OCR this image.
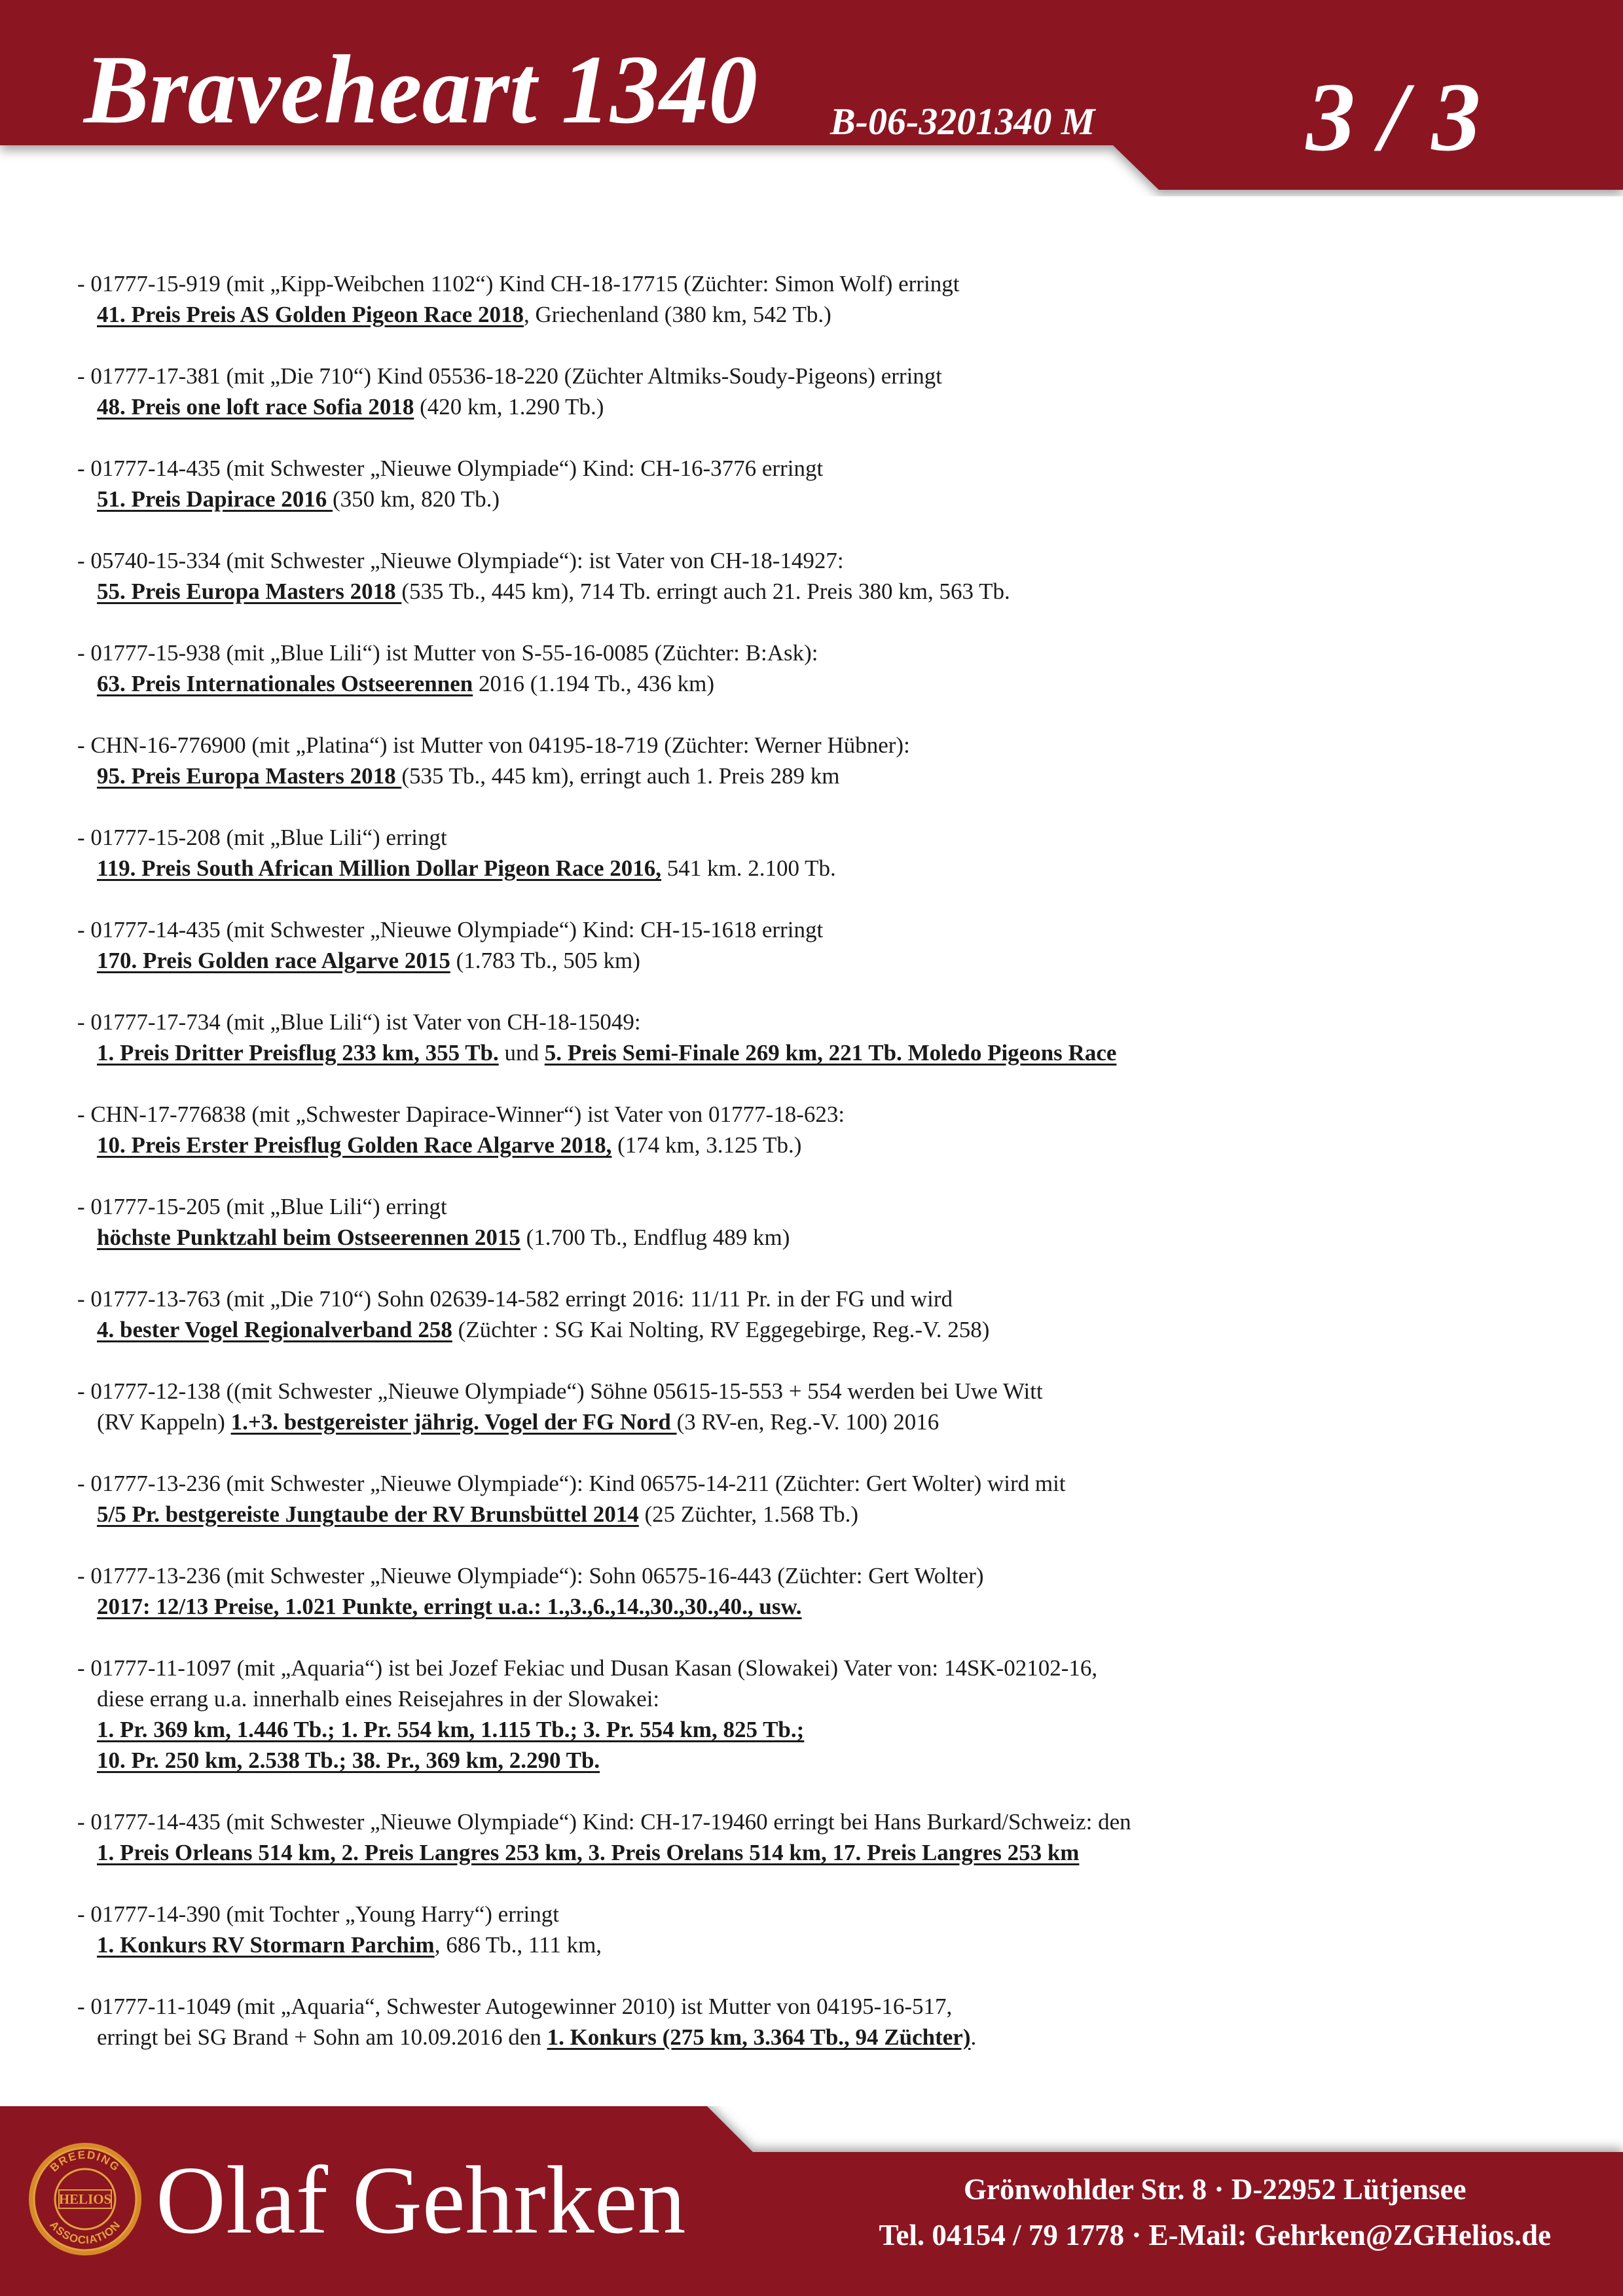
Braveheart 1340 B-06-3201340 M 3 / 3
- 01777-15-919 (mit „Kipp-Weibchen 1102“) Kind CH-18-17715 (Züchter: Simon Wolf) erringt
41. Preis Preis AS Golden Pigeon Race 2018, Griechenland (380 km, 542 Tb.)
- 01777-17-381 (mit „Die 710“) Kind 05536-18-220 (Züchter Altmiks-Soudy-Pigeons) erringt
48. Preis one loft race Sofia 2018 (420 km, 1.290 Tb.)
- 01777-14-435 (mit Schwester „Nieuwe Olympiade“) Kind: CH-16-3776 erringt
51. Preis Dapirace 2016 (350 km, 820 Tb.)
- 05740-15-334 (mit Schwester „Nieuwe Olympiade“): ist Vater von CH-18-14927:
55. Preis Europa Masters 2018 (535 Tb., 445 km), 714 Tb. erringt auch 21. Preis 380 km, 563 Tb.
- 01777-15-938 (mit „Blue Lili“) ist Mutter von S-55-16-0085 (Züchter: B:Ask):
63. Preis Internationales Ostseerennen 2016 (1.194 Tb., 436 km)
- CHN-16-776900 (mit „Platina“) ist Mutter von 04195-18-719 (Züchter: Werner Hübner):
95. Preis Europa Masters 2018 (535 Tb., 445 km), erringt auch 1. Preis 289 km
- 01777-15-208 (mit „Blue Lili“) erringt
119. Preis South African Million Dollar Pigeon Race 2016, 541 km. 2.100 Tb.
- 01777-14-435 (mit Schwester „Nieuwe Olympiade“) Kind: CH-15-1618 erringt
170. Preis Golden race Algarve 2015 (1.783 Tb., 505 km)
- 01777-17-734 (mit „Blue Lili“) ist Vater von CH-18-15049:
1. Preis Dritter Preisflug 233 km, 355 Tb. und 5. Preis Semi-Finale 269 km, 221 Tb. Moledo Pigeons Race
- CHN-17-776838 (mit „Schwester Dapirace-Winner“) ist Vater von 01777-18-623:
10. Preis Erster Preisflug Golden Race Algarve 2018, (174 km, 3.125 Tb.)
- 01777-15-205 (mit „Blue Lili“) erringt
höchste Punktzahl beim Ostseerennen 2015 (1.700 Tb., Endflug 489 km)
- 01777-13-763 (mit „Die 710“) Sohn 02639-14-582 erringt 2016: 11/11 Pr. in der FG und wird
4. bester Vogel Regionalverband 258 (Züchter : SG Kai Nolting, RV Eggegebirge, Reg.-V. 258)
- 01777-12-138 ((mit Schwester „Nieuwe Olympiade“) Söhne 05615-15-553 + 554 werden bei Uwe Witt
(RV Kappeln) 1.+3. bestgereister jährig. Vogel der FG Nord (3 RV-en, Reg.-V. 100) 2016
- 01777-13-236 (mit Schwester „Nieuwe Olympiade“): Kind 06575-14-211 (Züchter: Gert Wolter) wird mit
5/5 Pr. bestgereiste Jungtaube der RV Brunsbüttel 2014 (25 Züchter, 1.568 Tb.)
- 01777-13-236 (mit Schwester „Nieuwe Olympiade“): Sohn 06575-16-443 (Züchter: Gert Wolter)
2017: 12/13 Preise, 1.021 Punkte, erringt u.a.: 1.,3.,6.,14.,30.,30.,40., usw.
- 01777-11-1097 (mit „Aquaria“) ist bei Jozef Fekiac und Dusan Kasan (Slowakei) Vater von: 14SK-02102-16,
diese errang u.a. innerhalb eines Reisejahres in der Slowakei:
1. Pr. 369 km, 1.446 Tb.; 1. Pr. 554 km, 1.115 Tb.; 3. Pr. 554 km, 825 Tb.;
10. Pr. 250 km, 2.538 Tb.; 38. Pr., 369 km, 2.290 Tb.
- 01777-14-435 (mit Schwester „Nieuwe Olympiade“) Kind: CH-17-19460 erringt bei Hans Burkard/Schweiz: den
1. Preis Orleans 514 km, 2. Preis Langres 253 km, 3. Preis Orelans 514 km, 17. Preis Langres 253 km
- 01777-14-390 (mit Tochter „Young Harry“) erringt
1. Konkurs RV Stormarn Parchim, 686 Tb., 111 km,
- 01777-11-1049 (mit „Aquaria“, Schwester Autogewinner 2010) ist Mutter von 04195-16-517,
erringt bei SG Brand + Sohn am 10.09.2016 den 1. Konkurs (275 km, 3.364 Tb., 94 Züchter).
BREEDING
ASSOCIATION
HELIOS Olaf Gehrken	Grönwohlder Str. 8 · D-22952 Lütjensee
Tel. 04154 / 79 1778 · E-Mail: Gehrken@ZGHelios.de
